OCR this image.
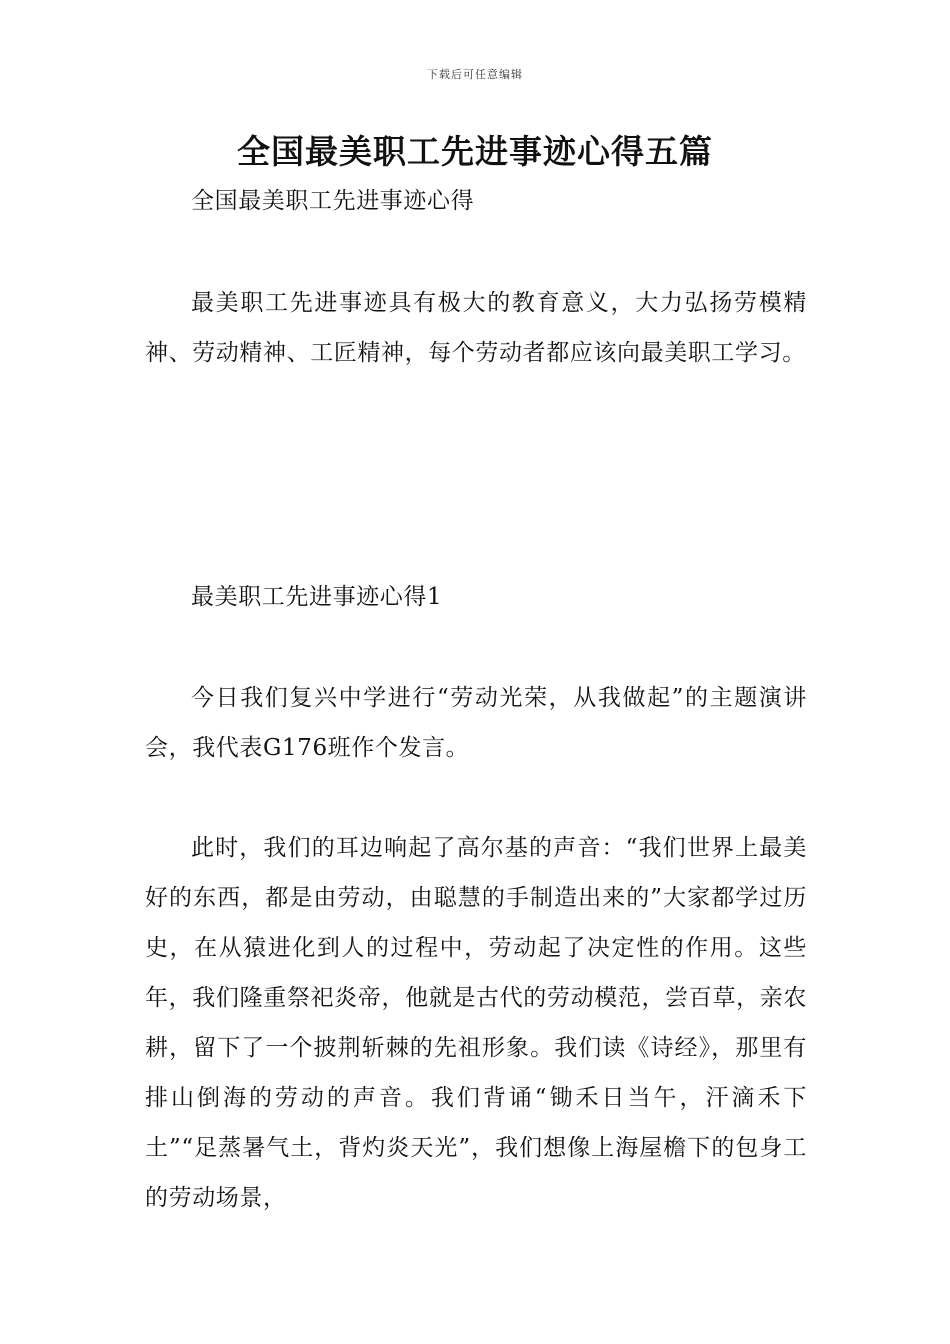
下载后可任意编辑
全国最美职工先进事迹心得五篇
全国最美职工先进事迹心得
最美职工先进事迹具有极大的教育意义，大力弘扬劳模精神、劳动精神、工匠精神，每个劳动者都应该向最美职工学习。
最美职工先进事迹心得1
今日我们复兴中学进行“劳动光荣，从我做起”的主题演讲会，我代表G176班作个发言。
此时，我们的耳边响起了高尔基的声音：“我们世界上最美好的东西，都是由劳动，由聪慧的手制造出来的”大家都学过历史，在从猿进化到人的过程中，劳动起了决定性的作用。这些年，我们隆重祭祀炎帝，他就是古代的劳动模范，尝百草，亲农耕，留下了一个披荆斩棘的先祖形象。我们读《诗经》，那里有排山倒海的劳动的声音。我们背诵“锄禾日当午，汗滴禾下土”“足蒸暑气土，背灼炎天光”，我们想像上海屋檐下的包身工的劳动场景，
